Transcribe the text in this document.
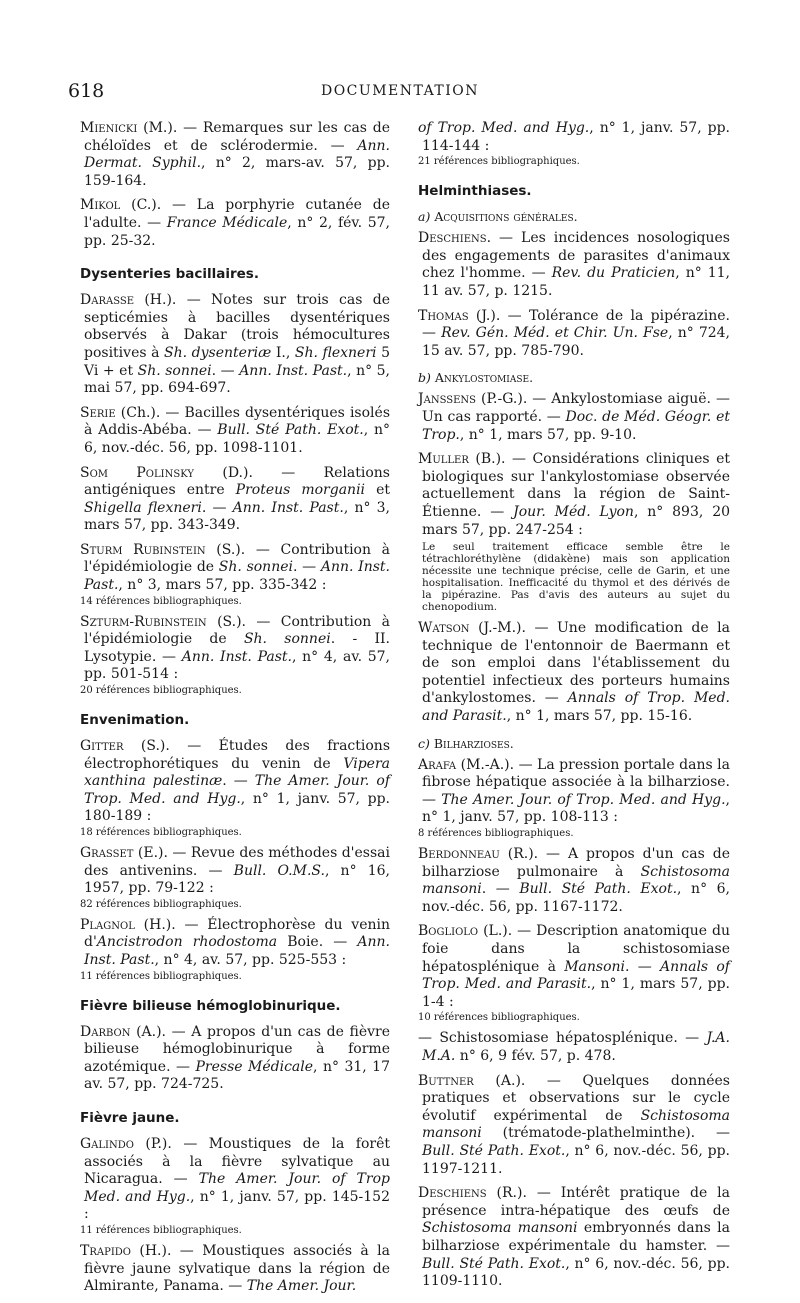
618	DOCUMENTATION

Mienicki (M.). — Remarques sur les cas de chéloïdes et de sclérodermie. — Ann. Dermat. Syphil., n° 2, mars-av. 57, pp. 159-164.

Mikol (C.). — La porphyrie cutanée de l'adulte. — France Médicale, n° 2, fév. 57, pp. 25-32.

Dysenteries bacillaires.

Darasse (H.). — Notes sur trois cas de septicémies à bacilles dysentériques observés à Dakar (trois hémocultures positives à Sh. dysenteriæ I., Sh. flexneri 5 Vi + et Sh. sonnei. — Ann. Inst. Past., n° 5, mai 57, pp. 694-697.

Serie (Ch.). — Bacilles dysentériques isolés à Addis-Abéba. — Bull. Sté Path. Exot., n° 6, nov.-déc. 56, pp. 1098-1101.

Som Polinsky (D.). — Relations antigéniques entre Proteus morganii et Shigella flexneri. — Ann. Inst. Past., n° 3, mars 57, pp. 343-349.

Sturm Rubinstein (S.). — Contribution à l'épidémiologie de Sh. sonnei. — Ann. Inst. Past., n° 3, mars 57, pp. 335-342 :
14 références bibliographiques.

Szturm-Rubinstein (S.). — Contribution à l'épidémiologie de Sh. sonnei. - II. Lysotypie. — Ann. Inst. Past., n° 4, av. 57, pp. 501-514 :
20 références bibliographiques.

Envenimation.

Gitter (S.). — Études des fractions électrophorétiques du venin de Vipera xanthina palestinæ. — The Amer. Jour. of Trop. Med. and Hyg., n° 1, janv. 57, pp. 180-189 :
18 références bibliographiques.

Grasset (E.). — Revue des méthodes d'essai des antivenins. — Bull. O.M.S., n° 16, 1957, pp. 79-122 :
82 références bibliographiques.

Plagnol (H.). — Électrophorèse du venin d'Ancistrodon rhodostoma Boie. — Ann. Inst. Past., n° 4, av. 57, pp. 525-553 :
11 références bibliographiques.

Fièvre bilieuse hémoglobinurique.

Darbon (A.). — A propos d'un cas de fièvre bilieuse hémoglobinurique à forme azotémique. — Presse Médicale, n° 31, 17 av. 57, pp. 724-725.

Fièvre jaune.

Galindo (P.). — Moustiques de la forêt associés à la fièvre sylvatique au Nicaragua. — The Amer. Jour. of Trop Med. and Hyg., n° 1, janv. 57, pp. 145-152 :
11 références bibliographiques.

Trapido (H.). — Moustiques associés à la fièvre jaune sylvatique dans la région de Almirante, Panama. — The Amer. Jour.

of Trop. Med. and Hyg., n° 1, janv. 57, pp. 114-144 :
21 références bibliographiques.

Helminthiases.
a) Acquisitions générales.

Deschiens. — Les incidences nosologiques des engagements de parasites d'animaux chez l'homme. — Rev. du Praticien, n° 11, 11 av. 57, p. 1215.

Thomas (J.). — Tolérance de la pipérazine. — Rev. Gén. Méd. et Chir. Un. Fse, n° 724, 15 av. 57, pp. 785-790.

b) Ankylostomiase.

Janssens (P.-G.). — Ankylostomiase aiguë. — Un cas rapporté. — Doc. de Méd. Géogr. et Trop., n° 1, mars 57, pp. 9-10.

Muller (B.). — Considérations cliniques et biologiques sur l'ankylostomiase observée actuellement dans la région de Saint-Étienne. — Jour. Méd. Lyon, n° 893, 20 mars 57, pp. 247-254 :
Le seul traitement efficace semble être le tétrachloréthylène (didakène) mais son application nécessite une technique précise, celle de Garin, et une hospitalisation. Inefficacité du thymol et des dérivés de la pipérazine. Pas d'avis des auteurs au sujet du chenopodium.

Watson (J.-M.). — Une modification de la technique de l'entonnoir de Baermann et de son emploi dans l'établissement du potentiel infectieux des porteurs humains d'ankylostomes. — Annals of Trop. Med. and Parasit., n° 1, mars 57, pp. 15-16.

c) Bilharzioses.

Arafa (M.-A.). — La pression portale dans la fibrose hépatique associée à la bilharziose. — The Amer. Jour. of Trop. Med. and Hyg., n° 1, janv. 57, pp. 108-113 :
8 références bibliographiques.

Berdonneau (R.). — A propos d'un cas de bilharziose pulmonaire à Schistosoma mansoni. — Bull. Sté Path. Exot., n° 6, nov.-déc. 56, pp. 1167-1172.

Bogliolo (L.). — Description anatomique du foie dans la schistosomiase hépatosplénique à Mansoni. — Annals of Trop. Med. and Parasit., n° 1, mars 57, pp. 1-4 :
10 références bibliographiques.

— Schistosomiase hépatosplénique. — J.A. M.A. n° 6, 9 fév. 57, p. 478.

Buttner (A.). — Quelques données pratiques et observations sur le cycle évolutif expérimental de Schistosoma mansoni (trématode-plathelminthe). — Bull. Sté Path. Exot., n° 6, nov.-déc. 56, pp. 1197-1211.

Deschiens (R.). — Intérêt pratique de la présence intra-hépatique des œufs de Schistosoma mansoni embryonnés dans la bilharziose expérimentale du hamster. — Bull. Sté Path. Exot., n° 6, nov.-déc. 56, pp. 1109-1110.
